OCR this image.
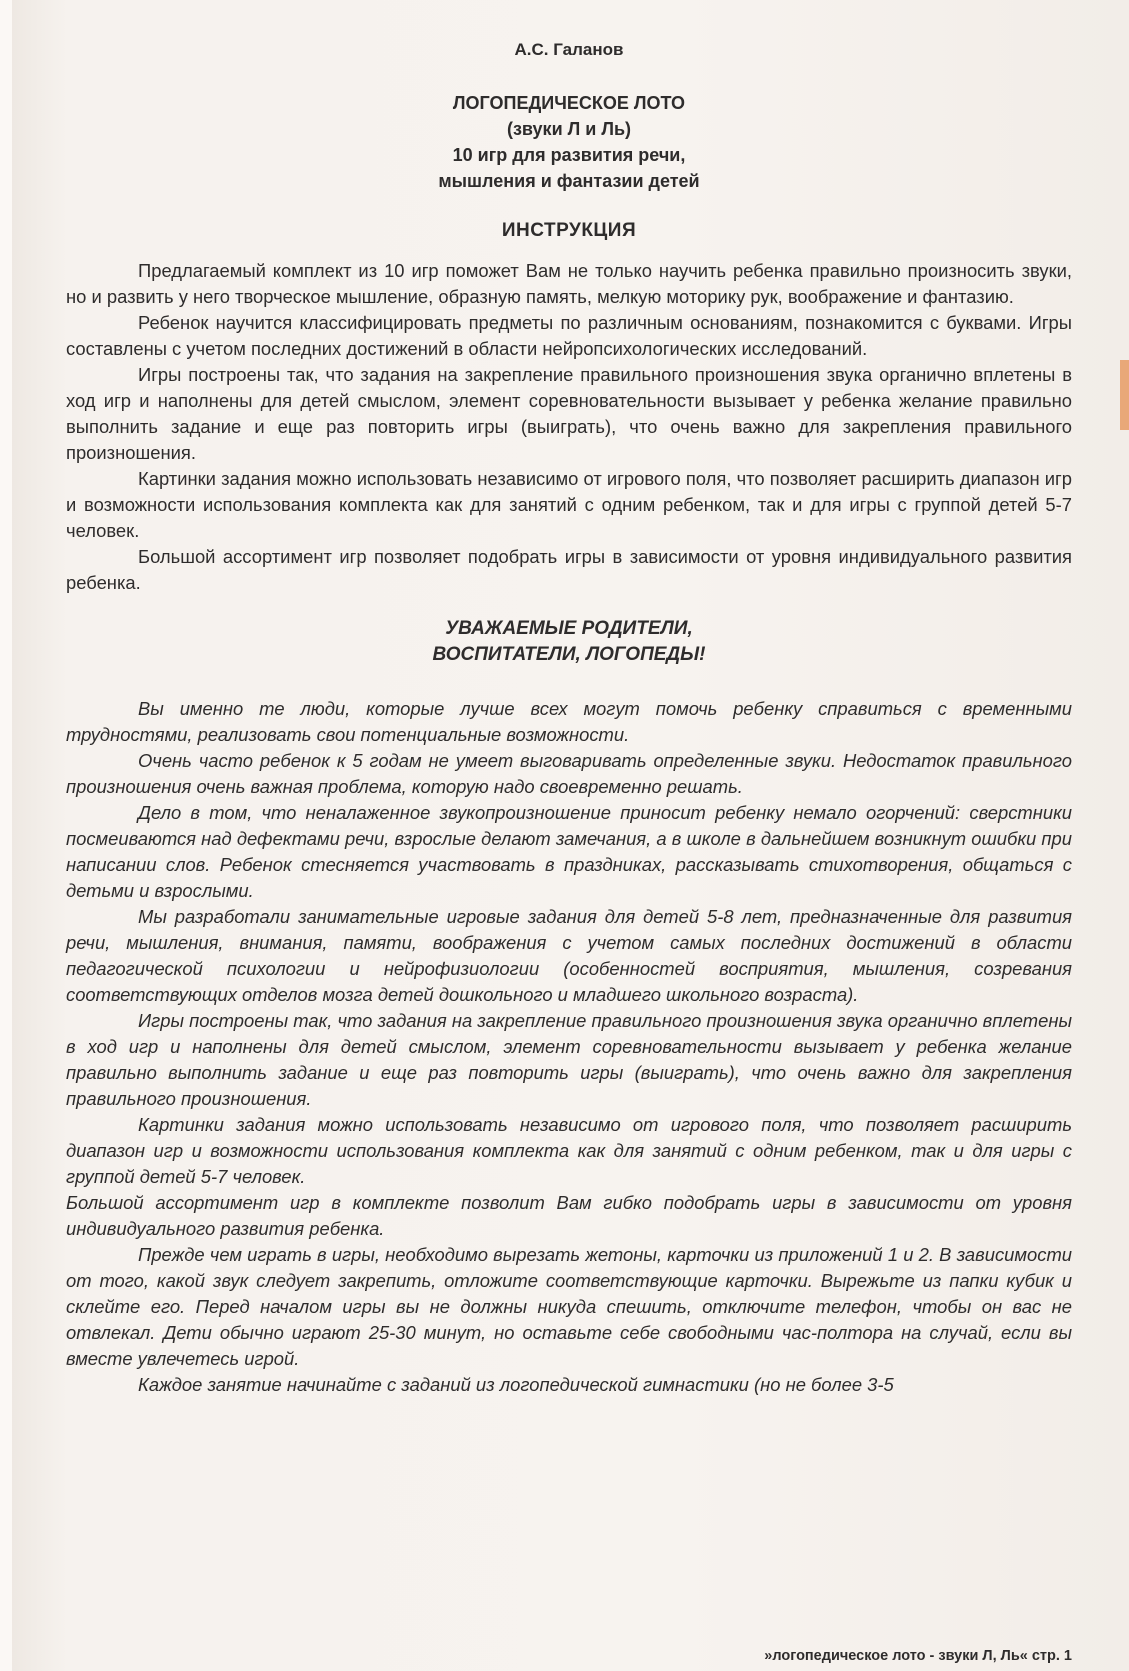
А.С. Галанов

ЛОГОПЕДИЧЕСКОЕ ЛОТО

(звуки Л и Ль)

10 игр для развития речи,

мышления и фантазии детей

ИНСТРУКЦИЯ

Предлагаемый комплект из 10 игр поможет Вам не только научить ребенка правильно произносить звуки, но и развить у него творческое мышление, образную память, мелкую моторику рук, воображение и фантазию.

Ребенок научится классифицировать предметы по различным основаниям, познакомится с буквами. Игры составлены с учетом последних достижений в области нейропсихологических исследований.

Игры построены так, что задания на закрепление правильного произношения звука органично вплетены в ход игр и наполнены для детей смыслом, элемент соревновательности вызывает у ребенка желание правильно выполнить задание и еще раз повторить игры (выиграть), что очень важно для закрепления правильного произношения.

Картинки задания можно использовать независимо от игрового поля, что позволяет расширить диапазон игр и возможности использования комплекта как для занятий с одним ребенком, так и для игры с группой детей 5-7 человек.

Большой ассортимент игр позволяет подобрать игры в зависимости от уровня индивидуального развития ребенка.

УВАЖАЕМЫЕ РОДИТЕЛИ,
ВОСПИТАТЕЛИ, ЛОГОПЕДЫ!

Вы именно те люди, которые лучше всех могут помочь ребенку справиться с временными трудностями, реализовать свои потенциальные возможности.

Очень часто ребенок к 5 годам не умеет выговаривать определенные звуки. Недостаток правильного произношения очень важная проблема, которую надо своевременно решать.

Дело в том, что неналаженное звукопроизношение приносит ребенку немало огорчений: сверстники посмеиваются над дефектами речи, взрослые делают замечания, а в школе в дальнейшем возникнут ошибки при написании слов. Ребенок стесняется участвовать в праздниках, рассказывать стихотворения, общаться с детьми и взрослыми.

Мы разработали занимательные игровые задания для детей 5-8 лет, предназначенные для развития речи, мышления, внимания, памяти, воображения с учетом самых последних достижений в области педагогической психологии и нейрофизиологии (особенностей восприятия, мышления, созревания соответствующих отделов мозга детей дошкольного и младшего школьного возраста).

Игры построены так, что задания на закрепление правильного произношения звука органично вплетены в ход игр и наполнены для детей смыслом, элемент соревновательности вызывает у ребенка желание правильно выполнить задание и еще раз повторить игры (выиграть), что очень важно для закрепления правильного произношения.

Картинки задания можно использовать независимо от игрового поля, что позволяет расширить диапазон игр и возможности использования комплекта как для занятий с одним ребенком, так и для игры с группой детей 5-7 человек.

Большой ассортимент игр в комплекте позволит Вам гибко подобрать игры в зависимости от уровня индивидуального развития ребенка.

Прежде чем играть в игры, необходимо вырезать жетоны, карточки из приложений 1 и 2. В зависимости от того, какой звук следует закрепить, отложите соответствующие карточки. Вырежьте из папки кубик и склейте его. Перед началом игры вы не должны никуда спешить, отключите телефон, чтобы он вас не отвлекал. Дети обычно играют 25-30 минут, но оставьте себе свободными час-полтора на случай, если вы вместе увлечетесь игрой.

Каждое занятие начинайте с заданий из логопедической гимнастики (но не более 3-5

»логопедическое лото - звуки Л, Ль« стр. 1
